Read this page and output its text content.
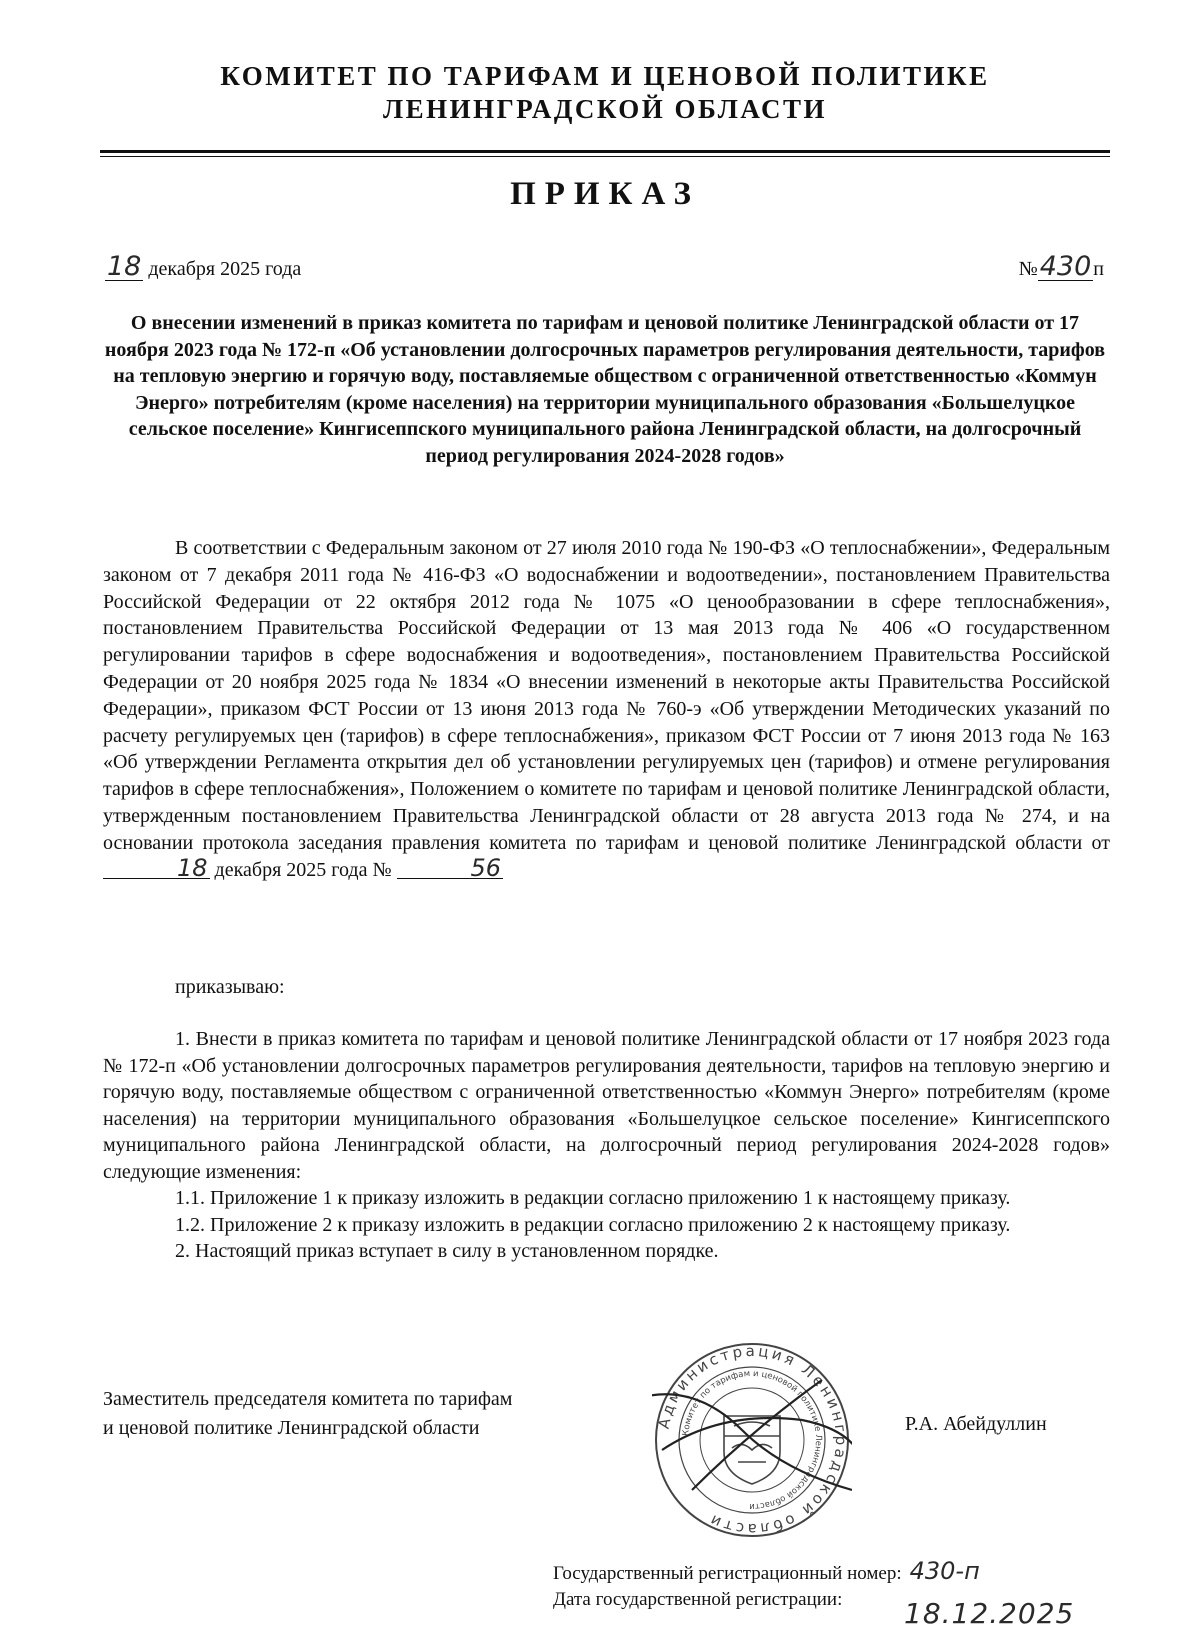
КОМИТЕТ ПО ТАРИФАМ И ЦЕНОВОЙ ПОЛИТИКЕ
ЛЕНИНГРАДСКОЙ ОБЛАСТИ
ПРИКАЗ
18 декабря 2025 года	№430 п
О внесении изменений в приказ комитета по тарифам и ценовой политике Ленинградской области от 17 ноября 2023 года № 172-п «Об установлении долгосрочных параметров регулирования деятельности, тарифов на тепловую энергию и горячую воду, поставляемые обществом с ограниченной ответственностью «Коммун Энерго» потребителям (кроме населения) на территории муниципального образования «Большелуцкое сельское поселение» Кингисеппского муниципального района Ленинградской области, на долгосрочный период регулирования 2024-2028 годов»
В соответствии с Федеральным законом от 27 июля 2010 года № 190-ФЗ «О теплоснабжении», Федеральным законом от 7 декабря 2011 года № 416-ФЗ «О водоснабжении и водоотведении», постановлением Правительства Российской Федерации от 22 октября 2012 года № 1075 «О ценообразовании в сфере теплоснабжения», постановлением Правительства Российской Федерации от 13 мая 2013 года № 406 «О государственном регулировании тарифов в сфере водоснабжения и водоотведения», постановлением Правительства Российской Федерации от 20 ноября 2025 года № 1834 «О внесении изменений в некоторые акты Правительства Российской Федерации», приказом ФСТ России от 13 июня 2013 года № 760-э «Об утверждении Методических указаний по расчету регулируемых цен (тарифов) в сфере теплоснабжения», приказом ФСТ России от 7 июня 2013 года № 163 «Об утверждении Регламента открытия дел об установлении регулируемых цен (тарифов) и отмене регулирования тарифов в сфере теплоснабжения», Положением о комитете по тарифам и ценовой политике Ленинградской области, утвержденным постановлением Правительства Ленинградской области от 28 августа 2013 года № 274, и на основании протокола заседания правления комитета по тарифам и ценовой политике Ленинградской области от 18 декабря 2025 года №	56
приказываю:

1. Внести в приказ комитета по тарифам и ценовой политике Ленинградской области от 17 ноября 2023 года № 172-п «Об установлении долгосрочных параметров регулирования деятельности, тарифов на тепловую энергию и горячую воду, поставляемые обществом с ограниченной ответственностью «Коммун Энерго» потребителям (кроме населения) на территории муниципального образования «Большелуцкое сельское поселение» Кингисеппского муниципального района Ленинградской области, на долгосрочный период регулирования 2024-2028 годов» следующие изменения:

1.1. Приложение 1 к приказу изложить в редакции согласно приложению 1 к настоящему приказу.

1.2. Приложение 2 к приказу изложить в редакции согласно приложению 2 к настоящему приказу.

2. Настоящий приказ вступает в силу в установленном порядке.

Заместитель председателя комитета по тарифам
и ценовой политике Ленинградской области	Р.А. Абейдуллин
Администрация Ленинградской области
Комитет по тарифам и ценовой политике Ленинградской области
Государственный регистрационный номер: 430-п
Дата государственной регистрации:	18.12.2025
